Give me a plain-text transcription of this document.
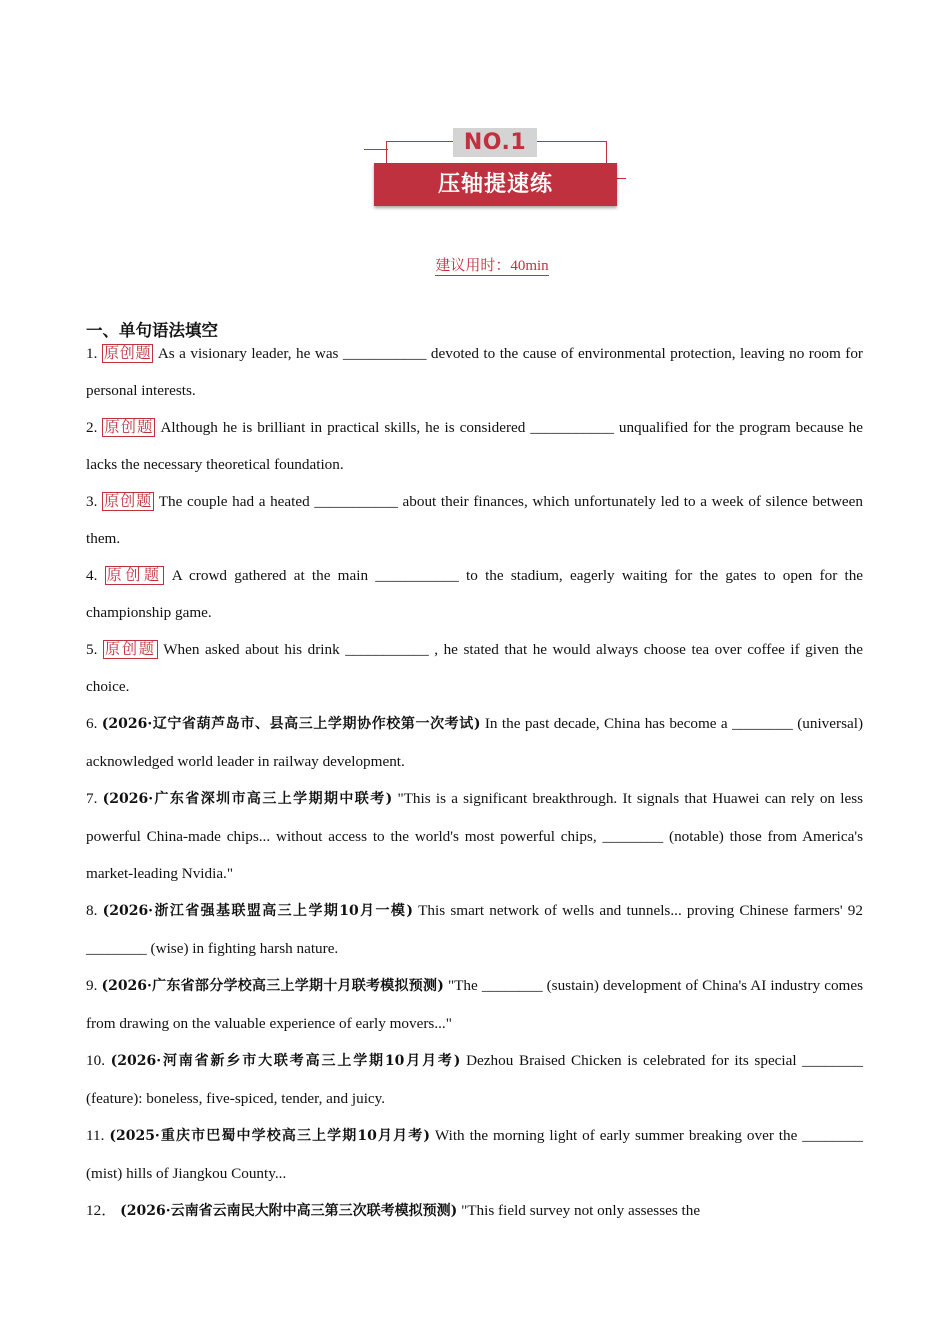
NO.1
压轴提速练
建议用时：40min
一、单句语法填空

1. 原创题 As a visionary leader, he was ___________ devoted to the cause of environmental protection, leaving no room for personal interests.

2. 原创题 Although he is brilliant in practical skills, he is considered ___________ unqualified for the program because he lacks the necessary theoretical foundation.

3. 原创题 The couple had a heated ___________ about their finances, which unfortunately led to a week of silence between them.

4. 原创题 A crowd gathered at the main ___________ to the stadium, eagerly waiting for the gates to open for the championship game.

5. 原创题 When asked about his drink ___________ , he stated that he would always choose tea over coffee if given the choice.

6. (2026·辽宁省葫芦岛市、县高三上学期协作校第一次考试) In the past decade, China has become a ________ (universal) acknowledged world leader in railway development.

7. (2026·广东省深圳市高三上学期期中联考) "This is a significant breakthrough. It signals that Huawei can rely on less powerful China-made chips... without access to the world's most powerful chips, ________ (notable) those from America's market-leading Nvidia."

8. (2026·浙江省强基联盟高三上学期10月一模) This smart network of wells and tunnels... proving Chinese farmers' 92 ________ (wise) in fighting harsh nature.

9. (2026·广东省部分学校高三上学期十月联考模拟预测) "The ________ (sustain) development of China's AI industry comes from drawing on the valuable experience of early movers..."

10. (2026·河南省新乡市大联考高三上学期10月月考) Dezhou Braised Chicken is celebrated for its special ________ (feature): boneless, five-spiced, tender, and juicy.

11. (2025·重庆市巴蜀中学校高三上学期10月月考) With the morning light of early summer breaking over the ________ (mist) hills of Jiangkou County...

12． (2026·云南省云南民大附中高三第三次联考模拟预测) "This field survey not only assesses the
